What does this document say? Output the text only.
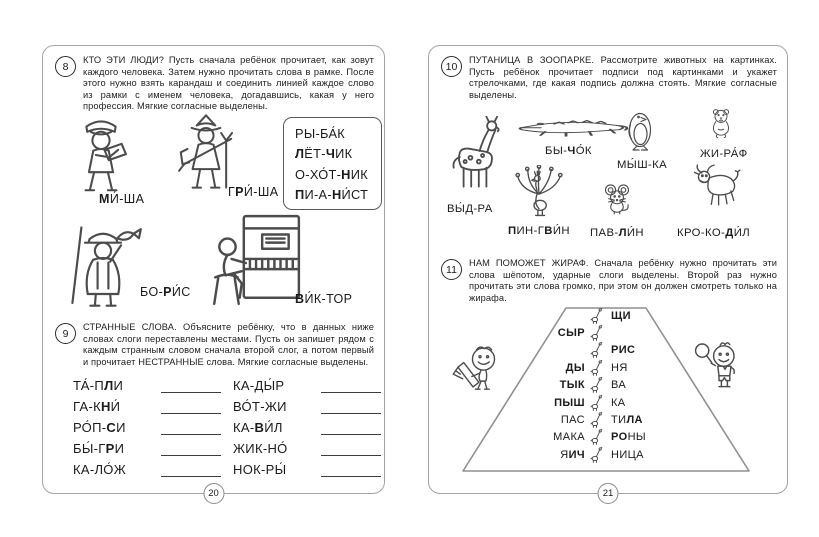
8
КТО ЭТИ ЛЮДИ? Пусть сначала ребёнок прочитает, как зовут каждого человека. Затем нужно прочитать слова в рамке. После этого нужно взять карандаш и соединить линией каждое слово из рамки с именем человека, догадавшись, какая у него профессия. Мягкие согласные выделены.
МИ́-ША	ГРИ́-ША
РЫ-БА́К
ЛЁТ-ЧИК
О-ХО́Т-НИК
ПИ-А-НИ́СТ
БО-РИ́С	ВИ́К-ТОР
9
СТРАННЫЕ СЛОВА. Объясните ребёнку, что в данных ниже словах слоги переставлены местами. Пусть он запишет рядом с каждым странным словом сначала второй слог, а потом первый и прочитает НЕСТРАННЫЕ слова. Мягкие согласные выделены.
ТА́-ПЛИ
ГА-КНИ́
РО́П-СИ
БЫ́-ГРИ
КА-ЛО́Ж
КА-ДЫ́Р
ВО́Т-ЖИ
КА-ВИ́Л
ЖИК-НО́
НОК-РЫ́
20
10
ПУТАНИЦА В ЗООПАРКЕ. Рассмотрите животных на картинках. Пусть ребёнок прочитает подписи под картинками и укажет стрелочками, где какая подпись должна стоять. Мягкие согласные выделены.
ВЫ́Д-РА
БЫ-ЧО́К
МЫ́Ш-КА
ЖИ-РА́Ф
ПИН-ГВИ́Н ПАВ-ЛИ́Н	КРО-КО-ДИ́Л
11
НАМ ПОМОЖЕТ ЖИРАФ. Сначала ребёнку нужно прочитать эти слова шёпотом, ударные слоги выделены. Второй раз нужно прочитать эти слова громко, при этом он должен смотреть только на жирафа.
ЩИ
СЫР
РИС
ДЫ	НЯ
ТЫК	ВА
ПЫШ	КА
ПАС	ТИЛА
МАКА	РОНЫ
ЯИЧ	НИЦА
21
